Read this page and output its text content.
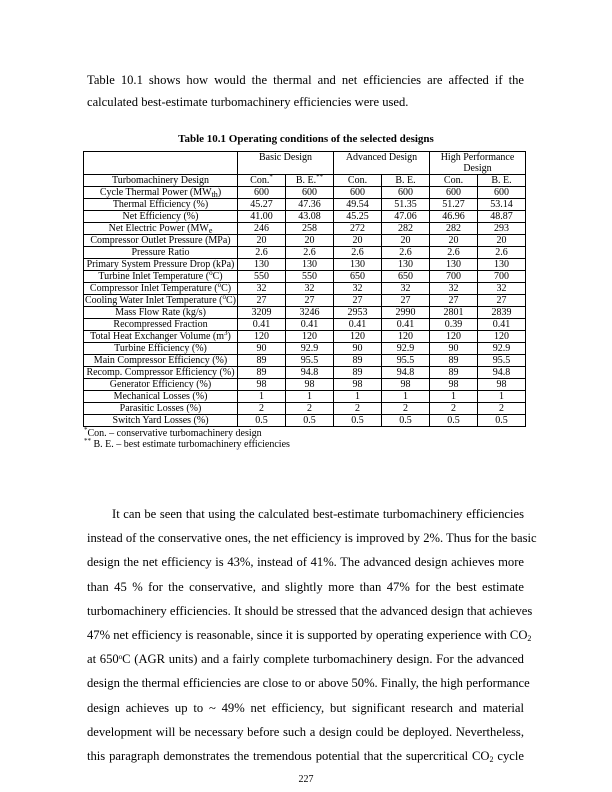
Table 10.1 shows how would the thermal and net efficiencies are affected if the
calculated best-estimate turbomachinery efficiencies were used.
Table 10.1 Operating conditions of the selected designs
	Basic Design		Advanced Design		High Performance Design	
Turbomachinery Design	Con.*	B. E.**	Con.	B. E.	Con.	B. E.
Cycle Thermal Power $(MW_{th})$	600	600	600	600	600	600
Thermal Efficiency (%)	45.27	47.36	49.54	51.35	51.27	53.14
Net Efficiency (%)	41.00	43.08	45.25	47.06	46.96	48.87
Net Electric Power ($MW_e$	246	258	272	282	282	293
Compressor Outlet Pressure (MPa)	20	20	20	20	20	20
Pressure Ratio	2.6	2.6	2.6	2.6	2.6	2.6
Primary System Pressure Drop (kPa)	130	130	130	130	130	130
Turbine Inlet Temperature ($^o$C)	550	550	650	650	700	700
Compressor Inlet Temperature ($^o$C)	32	32	32	32	32	32
Cooling Water Inlet Temperature ($^o$C)	27	27	27	27	27	27
Mass Flow Rate (kg/s)	3209	3246	2953	2990	2801	2839
Recompressed Fraction	0.41	0.41	0.41	0.41	0.39	0.41
Total Heat Exchanger Volume $(m^3)$	120	120	120	120	120	120
Turbine Efficiency (%)	90	92.9	90	92.9	90	92.9
Main Compressor Efficiency (%)	89	95.5	89	95.5	89	95.5
Recomp. Compressor Efficiency (%)	89	94.8	89	94.8	89	94.8
Generator Efficiency (%)	98	98	98	98	98	98
Mechanical Losses (%)	1	1	1	1	1	1
Parasitic Losses (%)	2	2	2	2	2	2
Switch Yard Losses (%)	0.5	0.5	0.5	0.5	0.5	0.5
*Con. – conservative turbomachinery design
** B. E. – best estimate turbomachinery efficiencies
It can be seen that using the calculated best-estimate turbomachinery efficiencies
instead of the conservative ones, the net efficiency is improved by 2%. Thus for the basic
design the net efficiency is 43%, instead of 41%. The advanced design achieves more
than 45 % for the conservative, and slightly more than 47% for the best estimate
turbomachinery efficiencies. It should be stressed that the advanced design that achieves
47% net efficiency is reasonable, since it is supported by operating experience with $CO_2$
at 650$^o$C (AGR units) and a fairly complete turbomachinery design. For the advanced
design the thermal efficiencies are close to or above 50%. Finally, the high performance
design achieves up to ~ 49% net efficiency, but significant research and material
development will be necessary before such a design could be deployed. Nevertheless,
this paragraph demonstrates the tremendous potential that the supercritical $CO_2$ cycle
227
